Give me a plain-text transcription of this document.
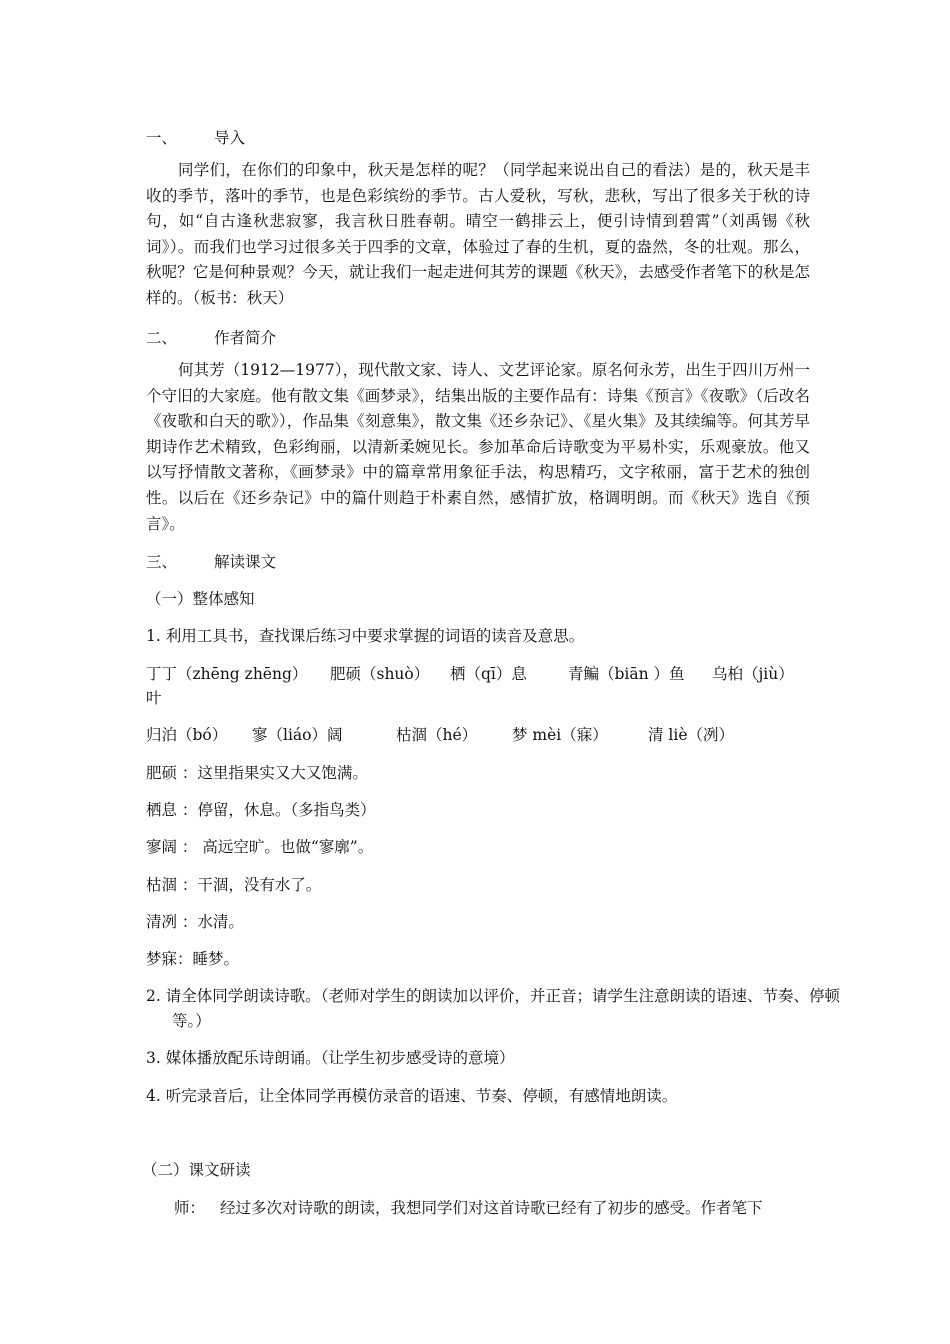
一、 导入
同学们，在你们的印象中，秋天是怎样的呢？（同学起来说出自己的看法）是的，秋天是丰收的季节，落叶的季节，也是色彩缤纷的季节。古人爱秋，写秋，悲秋，写出了很多关于秋的诗句，如“自古逢秋悲寂寥，我言秋日胜春朝。晴空一鹤排云上，便引诗情到碧霄”（刘禹锡《秋词》）。而我们也学习过很多关于四季的文章，体验过了春的生机，夏的盎然，冬的壮观。那么，秋呢？它是何种景观？今天，就让我们一起走进何其芳的课题《秋天》，去感受作者笔下的秋是怎样的。（板书：秋天）
二、 作者简介
何其芳（1912—1977），现代散文家、诗人、文艺评论家。原名何永芳，出生于四川万州一个守旧的大家庭。他有散文集《画梦录》，结集出版的主要作品有：诗集《预言》《夜歌》（后改名《夜歌和白天的歌》），作品集《刻意集》，散文集《还乡杂记》、《星火集》及其续编等。何其芳早期诗作艺术精致，色彩绚丽，以清新柔婉见长。参加革命后诗歌变为平易朴实，乐观豪放。他又以写抒情散文著称，《画梦录》中的篇章常用象征手法，构思精巧，文字秾丽，富于艺术的独创性。以后在《还乡杂记》中的篇什则趋于朴素自然，感情扩放，格调明朗。而《秋天》选自《预言》。
三、 解读课文
（一）整体感知
1. 利用工具书，查找课后练习中要求掌握的词语的读音及意思。
丁丁（zhēng zhēng） 肥硕（shuò） 栖（qī）息	青鳊（biān ）鱼 乌桕（jiù）
叶
归泊（bó） 寥（liáo）阔	枯涸（hé） 梦 mèi（寐）	清 liè（冽）
肥硕 ：这里指果实又大又饱满。
栖息 ：停留，休息。（多指鸟类）
寥阔 ： 高远空旷。也做“寥廓”。
枯涸 ：干涸，没有水了。
清冽 ：水清。
梦寐：睡梦。
2. 请全体同学朗读诗歌。（老师对学生的朗读加以评价，并正音；请学生注意朗读的语速、节奏、停顿等。）
3. 媒体播放配乐诗朗诵。（让学生初步感受诗的意境）
4. 听完录音后，让全体同学再模仿录音的语速、节奏、停顿，有感情地朗读。
（二）课文研读
师： 经过多次对诗歌的朗读，我想同学们对这首诗歌已经有了初步的感受。作者笔下
